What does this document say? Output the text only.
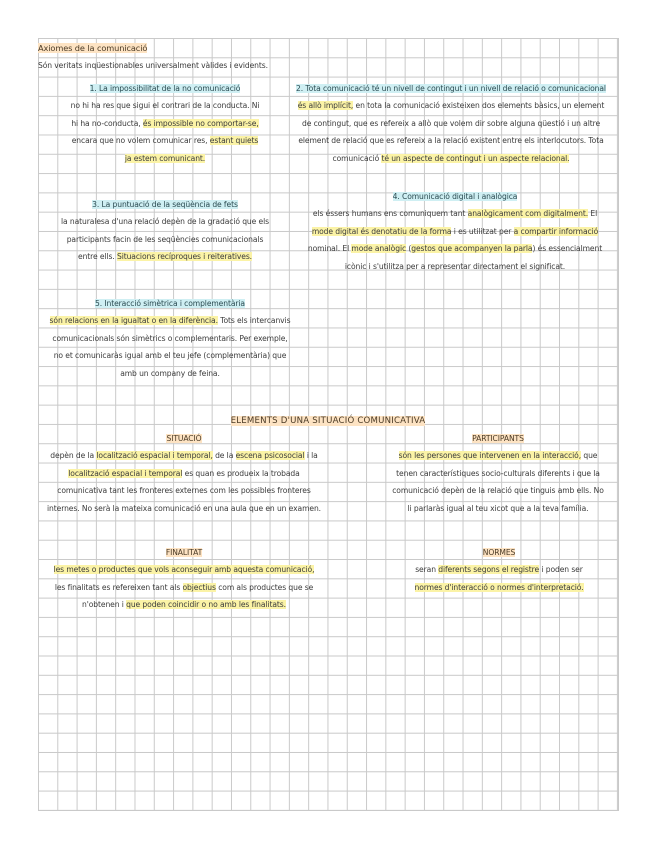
Axiomes de la comunicació
Són veritats inqüestionables universalment vàlides i evidents.
1. La impossibilitat de la no comunicació
no hi ha res que sigui el contrari de la conducta. Ni
hi ha no-conducta, és impossible no comportar-se,
encara que no volem comunicar res, estant quiets
ja estem comunicant.
2. Tota comunicació té un nivell de contingut i un nivell de relació o comunicacional
és allò implícit, en tota la comunicació existeixen dos elements bàsics, un element
de contingut, que es refereix a allò que volem dir sobre alguna qüestió i un altre
element de relació que es refereix a la relació existent entre els interlocutors. Tota
comunicació té un aspecte de contingut i un aspecte relacional.
3. La puntuació de la seqüència de fets
la naturalesa d'una relació depèn de la gradació que els
participants facin de les seqüències comunicacionals
entre ells. Situacions recíproques i reiteratives.
4. Comunicació digital i analògica
els éssers humans ens comuniquem tant analògicament com digitalment. El
mode digital és denotatiu de la forma i es utilitzat per a compartir informació
nominal. El mode analògic (gestos que acompanyen la parla) és essencialment
icònic i s'utilitza per a representar directament el significat.
5. Interacció simètrica i complementària
són relacions en la igualtat o en la diferència. Tots els intercanvis
comunicacionals són simètrics o complementaris. Per exemple,
no et comunicaràs igual amb el teu jefe (complementària) que
amb un company de feina.
ELEMENTS D'UNA SITUACIÓ COMUNICATIVA
SITUACIÓ
depèn de la localització espacial i temporal, de la escena psicosocial i la
localització espacial i temporal es quan es produeix la trobada
comunicativa tant les fronteres externes com les possibles fronteres
internes. No serà la mateixa comunicació en una aula que en un examen.
PARTICIPANTS
són les persones que intervenen en la interacció, que
tenen característiques socio-culturals diferents i que la
comunicació depèn de la relació que tinguis amb ells. No
li parlaràs igual al teu xicot que a la teva família.
FINALITAT
les metes o productes que vols aconseguir amb aquesta comunicació,
les finalitats es refereixen tant als objectius com als productes que se
n'obtenen i que poden coincidir o no amb les finalitats.
NORMES
seran diferents segons el registre i poden ser
normes d'interacció o normes d'interpretació.
